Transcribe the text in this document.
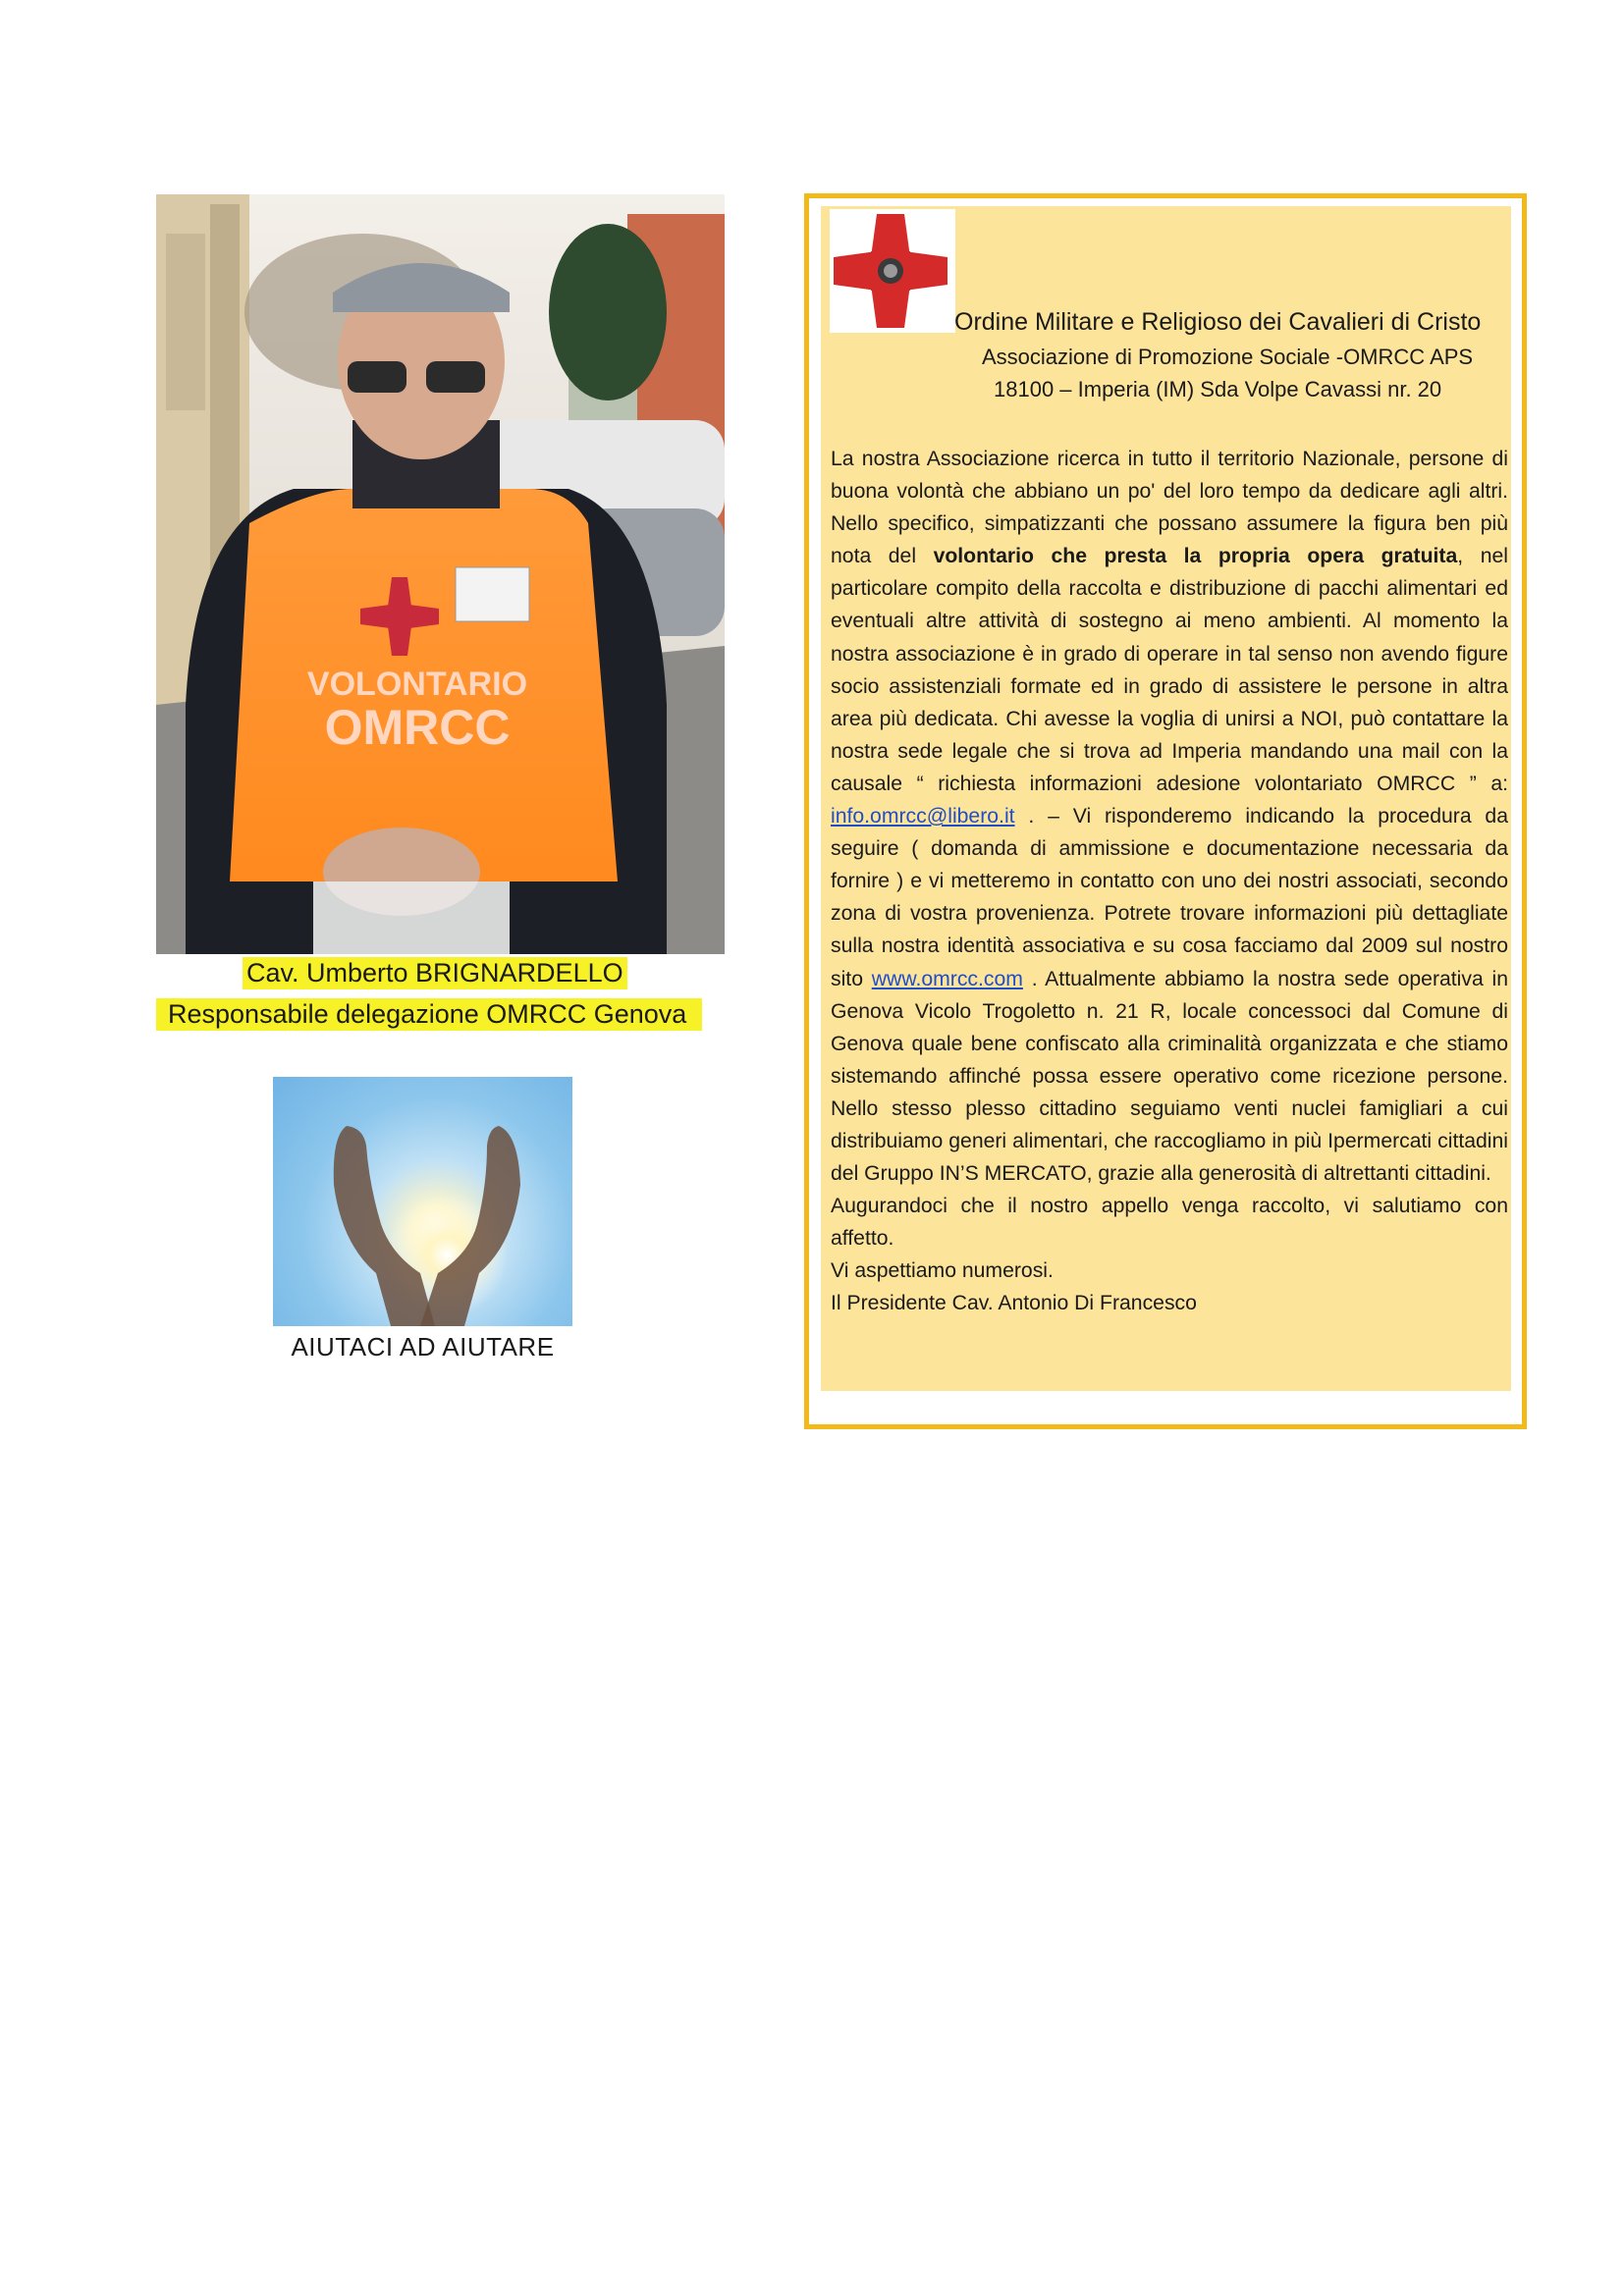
VOLONTARIO
OMRCC
Cav. Umberto BRIGNARDELLO
Responsabile delegazione OMRCC Genova
AIUTACI AD AIUTARE
Ordine Militare e Religioso dei Cavalieri di Cristo
Associazione di Promozione Sociale -OMRCC APS
18100 – Imperia (IM) Sda Volpe Cavassi nr. 20

La nostra Associazione ricerca in tutto il territorio Nazionale, persone di buona volontà che abbiano un po' del loro tempo da dedicare agli altri. Nello specifico, simpatizzanti che possano assumere la figura ben più nota del volontario che presta la propria opera gratuita, nel particolare compito della raccolta e distribuzione di pacchi alimentari ed eventuali altre attività di sostegno ai meno ambienti. Al momento la nostra associazione è in grado di operare in tal senso non avendo figure socio assistenziali formate ed in grado di assistere le persone in altra area più dedicata. Chi avesse la voglia di unirsi a NOI, può contattare la nostra sede legale che si trova ad Imperia mandando una mail con la causale “ richiesta informazioni adesione volontariato OMRCC ” a: info.omrcc@libero.it . – Vi risponderemo indicando la procedura da seguire ( domanda di ammissione e documentazione necessaria da fornire ) e vi metteremo in contatto con uno dei nostri associati, secondo zona di vostra provenienza. Potrete trovare informazioni più dettagliate sulla nostra identità associativa e su cosa facciamo dal 2009 sul nostro sito www.omrcc.com . Attualmente abbiamo la nostra sede operativa in Genova Vicolo Trogoletto n. 21 R, locale concessoci dal Comune di Genova quale bene confiscato alla criminalità organizzata e che stiamo sistemando affinché possa essere operativo come ricezione persone. Nello stesso plesso cittadino seguiamo venti nuclei famigliari a cui distribuiamo generi alimentari, che raccogliamo in più Ipermercati cittadini del Gruppo IN’S MERCATO, grazie alla generosità di altrettanti cittadini.

Augurandoci che il nostro appello venga raccolto, vi salutiamo con affetto.

Vi aspettiamo numerosi.

Il Presidente Cav. Antonio Di Francesco
